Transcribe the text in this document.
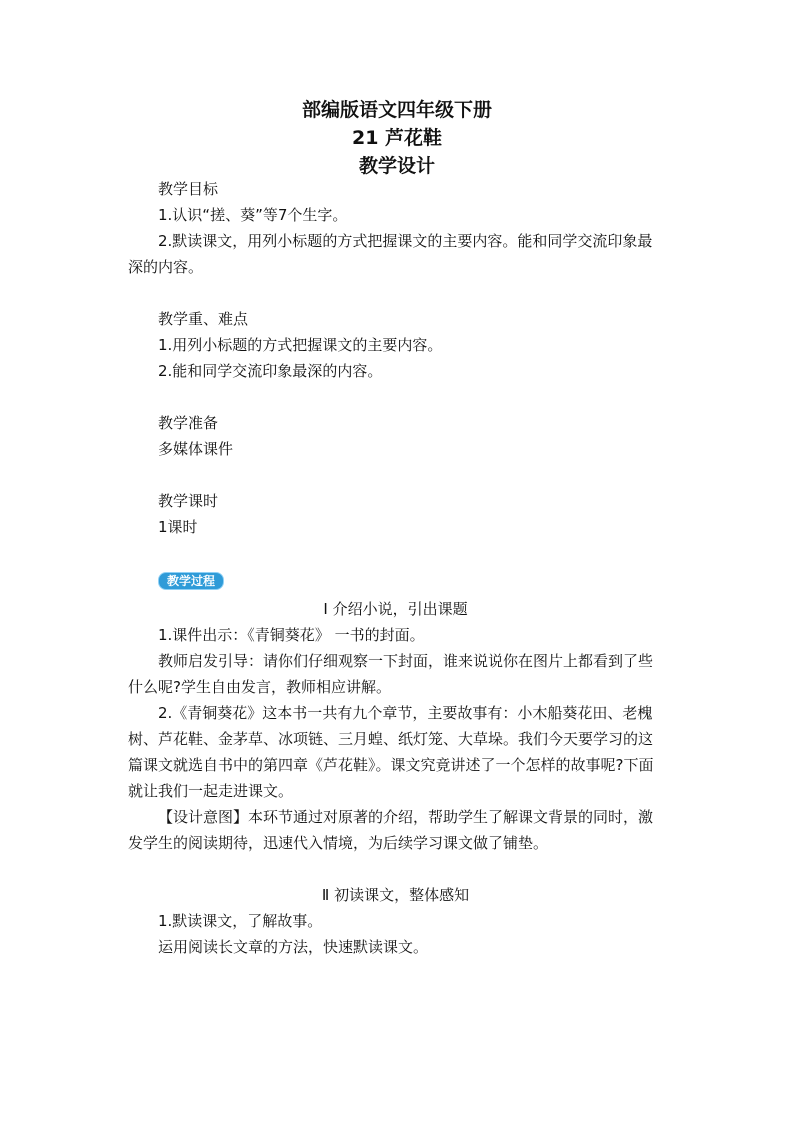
部编版语文四年级下册
21 芦花鞋
教学设计

教学目标

1.认识“搓、葵”等7个生字。

2.默读课文，用列小标题的方式把握课文的主要内容。能和同学交流印象最深的内容。

教学重、难点

1.用列小标题的方式把握课文的主要内容。

2.能和同学交流印象最深的内容。

教学准备

多媒体课件

教学课时

1课时

教学过程

Ⅰ 介绍小说，引出课题

1.课件出示：《青铜葵花》 一书的封面。

教师启发引导：请你们仔细观察一下封面，谁来说说你在图片上都看到了些什么呢?学生自由发言，教师相应讲解。

2.《青铜葵花》这本书一共有九个章节，主要故事有：小木船葵花田、老槐树、芦花鞋、金茅草、冰项链、三月蝗、纸灯笼、大草垛。我们今天要学习的这篇课文就选自书中的第四章《芦花鞋》。课文究竟讲述了一个怎样的故事呢?下面就让我们一起走进课文。

【设计意图】本环节通过对原著的介绍，帮助学生了解课文背景的同时，激发学生的阅读期待，迅速代入情境，为后续学习课文做了铺垫。

Ⅱ 初读课文，整体感知

1.默读课文，了解故事。

运用阅读长文章的方法，快速默读课文。
